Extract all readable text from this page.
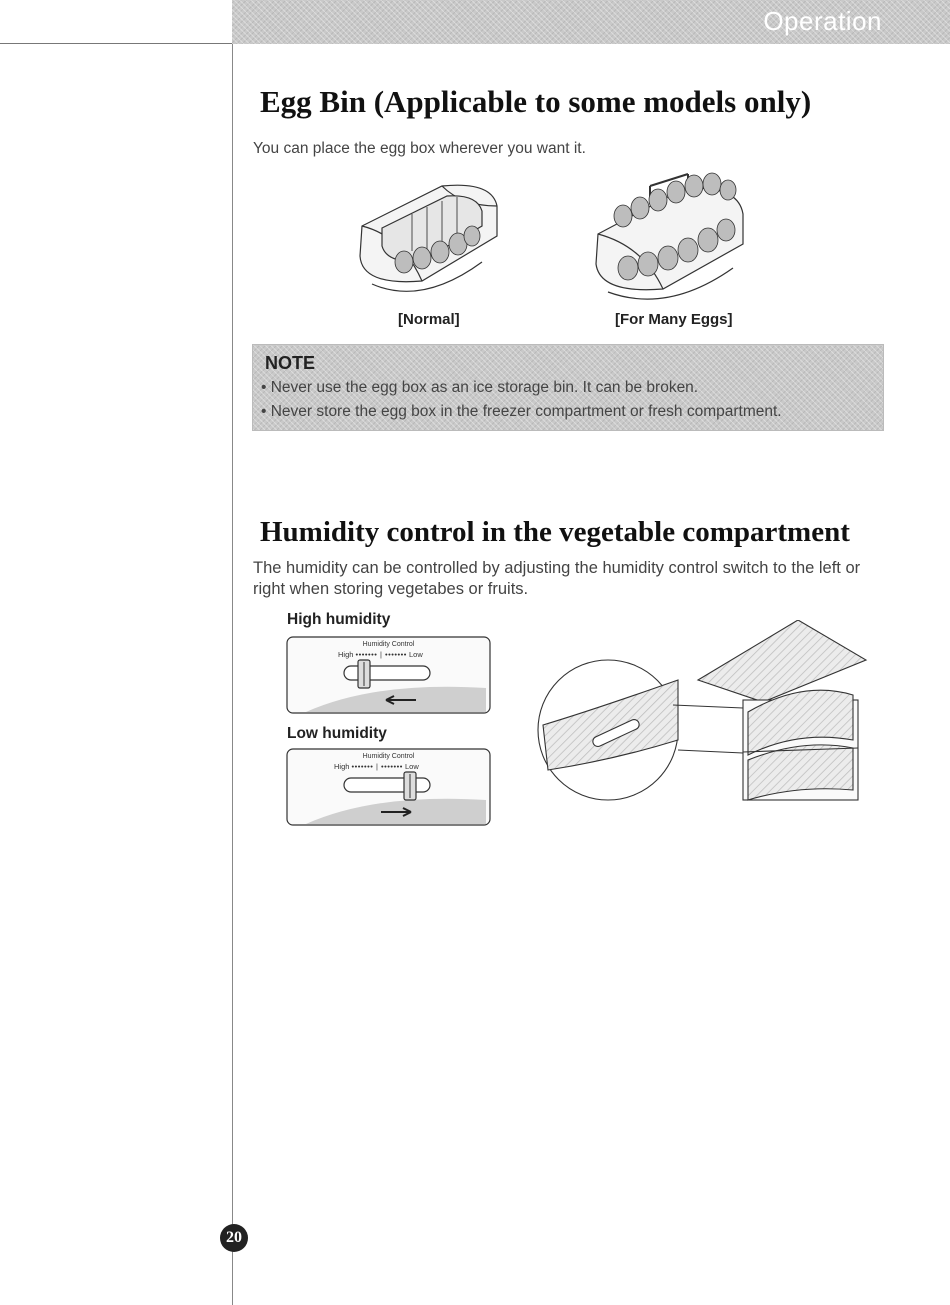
Operation
Egg Bin (Applicable to some models only)
You can place the egg box wherever you want it.
[Normal]	[For Many Eggs]
NOTE
• Never use the egg box as an ice storage bin. It can be broken.
• Never store the egg box in the freezer compartment or fresh compartment.
Humidity control in the vegetable compartment
The humidity can be controlled by adjusting the humidity control switch to the left or right when storing vegetabes or fruits.
High humidity
Humidity Control
High ••••••• | ••••••• Low
Low humidity
Humidity Control
High ••••••• | ••••••• Low
20
